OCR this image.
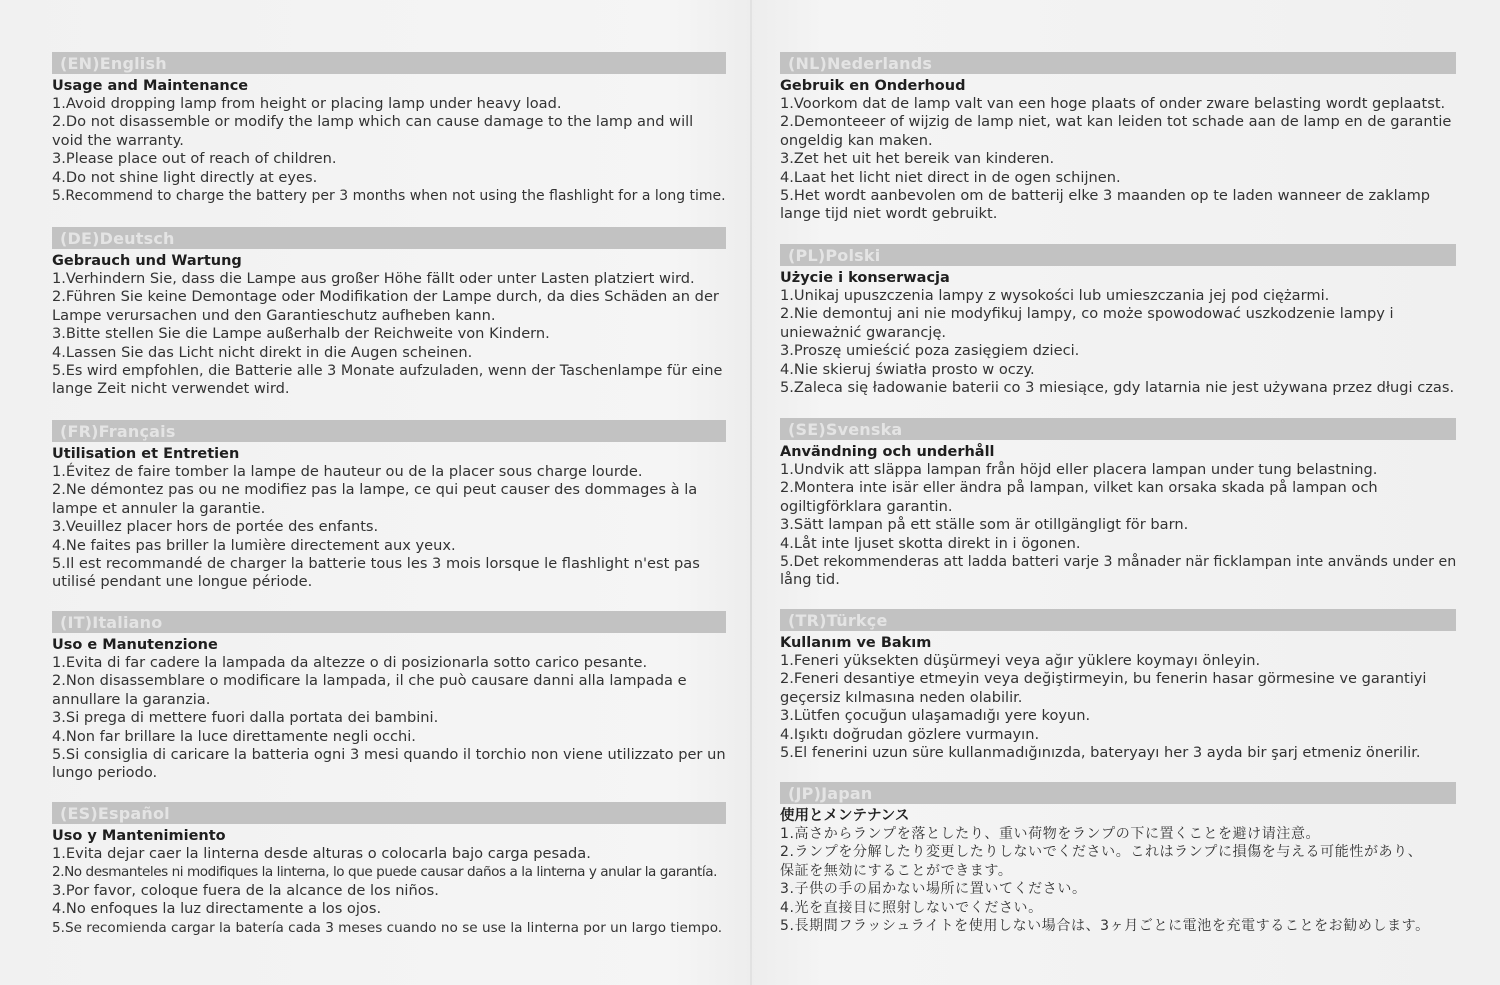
(EN)English
Usage and Maintenance
1.Avoid dropping lamp from height or placing lamp under heavy load.
2.Do not disassemble or modify the lamp which can cause damage to the lamp and will
void the warranty.
3.Please place out of reach of children.
4.Do not shine light directly at eyes.
5.Recommend to charge the battery per 3 months when not using the flashlight for a long time.
(DE)Deutsch
Gebrauch und Wartung
1.Verhindern Sie, dass die Lampe aus großer Höhe fällt oder unter Lasten platziert wird.
2.Führen Sie keine Demontage oder Modifikation der Lampe durch, da dies Schäden an der
Lampe verursachen und den Garantieschutz aufheben kann.
3.Bitte stellen Sie die Lampe außerhalb der Reichweite von Kindern.
4.Lassen Sie das Licht nicht direkt in die Augen scheinen.
5.Es wird empfohlen, die Batterie alle 3 Monate aufzuladen, wenn der Taschenlampe für eine
lange Zeit nicht verwendet wird.
(FR)Français
Utilisation et Entretien
1.Évitez de faire tomber la lampe de hauteur ou de la placer sous charge lourde.
2.Ne démontez pas ou ne modifiez pas la lampe, ce qui peut causer des dommages à la
lampe et annuler la garantie.
3.Veuillez placer hors de portée des enfants.
4.Ne faites pas briller la lumière directement aux yeux.
5.Il est recommandé de charger la batterie tous les 3 mois lorsque le flashlight n'est pas
utilisé pendant une longue période.
(IT)Italiano
Uso e Manutenzione
1.Evita di far cadere la lampada da altezze o di posizionarla sotto carico pesante.
2.Non disassemblare o modificare la lampada, il che può causare danni alla lampada e
annullare la garanzia.
3.Si prega di mettere fuori dalla portata dei bambini.
4.Non far brillare la luce direttamente negli occhi.
5.Si consiglia di caricare la batteria ogni 3 mesi quando il torchio non viene utilizzato per un
lungo periodo.
(ES)Español
Uso y Mantenimiento
1.Evita dejar caer la linterna desde alturas o colocarla bajo carga pesada.
2.No desmanteles ni modifiques la linterna, lo que puede causar daños a la linterna y anular la garantía.
3.Por favor, coloque fuera de la alcance de los niños.
4.No enfoques la luz directamente a los ojos.
5.Se recomienda cargar la batería cada 3 meses cuando no se use la linterna por un largo tiempo.
(NL)Nederlands
Gebruik en Onderhoud
1.Voorkom dat de lamp valt van een hoge plaats of onder zware belasting wordt geplaatst.
2.Demonteeer of wijzig de lamp niet, wat kan leiden tot schade aan de lamp en de garantie
ongeldig kan maken.
3.Zet het uit het bereik van kinderen.
4.Laat het licht niet direct in de ogen schijnen.
5.Het wordt aanbevolen om de batterij elke 3 maanden op te laden wanneer de zaklamp
lange tijd niet wordt gebruikt.
(PL)Polski
Użycie i konserwacja
1.Unikaj upuszczenia lampy z wysokości lub umieszczania jej pod ciężarmi.
2.Nie demontuj ani nie modyfikuj lampy, co może spowodować uszkodzenie lampy i
unieważnić gwarancję.
3.Proszę umieścić poza zasięgiem dzieci.
4.Nie skieruj światła prosto w oczy.
5.Zaleca się ładowanie baterii co 3 miesiące, gdy latarnia nie jest używana przez długi czas.
(SE)Svenska
Användning och underhåll
1.Undvik att släppa lampan från höjd eller placera lampan under tung belastning.
2.Montera inte isär eller ändra på lampan, vilket kan orsaka skada på lampan och
ogiltigförklara garantin.
3.Sätt lampan på ett ställe som är otillgängligt för barn.
4.Låt inte ljuset skotta direkt in i ögonen.
5.Det rekommenderas att ladda batteri varje 3 månader när ficklampan inte används under en
lång tid.
(TR)Türkçe
Kullanım ve Bakım
1.Feneri yüksekten düşürmeyi veya ağır yüklere koymayı önleyin.
2.Feneri desantiye etmeyin veya değiştirmeyin, bu fenerin hasar görmesine ve garantiyi
geçersiz kılmasına neden olabilir.
3.Lütfen çocuğun ulaşamadığı yere koyun.
4.Işıktı doğrudan gözlere vurmayın.
5.El fenerini uzun süre kullanmadığınızda, bateryayı her 3 ayda bir şarj etmeniz önerilir.
(JP)Japan
使用とメンテナンス
1.高さからランプを落としたり、重い荷物をランプの下に置くことを避け请注意。
2.ランプを分解したり変更したりしないでください。これはランプに損傷を与える可能性があり、
保証を無効にすることができます。
3.子供の手の届かない場所に置いてください。
4.光を直接目に照射しないでください。
5.長期間フラッシュライトを使用しない場合は、3ヶ月ごとに電池を充電することをお勧めします。
